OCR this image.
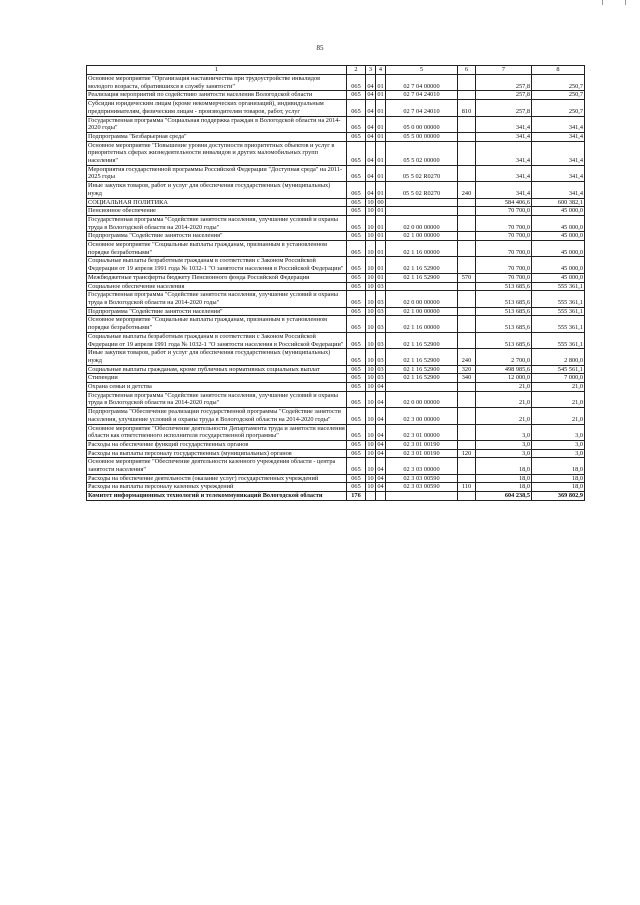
85
1	2	3	4	5	6	7	8
Основное мероприятие "Организация наставничества при трудоустройстве инвалидов молодого возраста, обратившихся в службу занятости"	065	04	01	02 7 04 00000		257,8	250,7
Реализация мероприятий по содействию занятости населения Вологодской области	065	04	01	02 7 04 24010		257,8	250,7
Субсидии юридическим лицам (кроме некоммерческих организаций), индивидуальным предпринимателям, физическим лицам - производителям товаров, работ, услуг	065	04	01	02 7 04 24010	810	257,8	250,7
Государственная программа "Социальная поддержка граждан в Вологодской области на 2014-2020 годы"	065	04	01	05 0 00 00000		341,4	341,4
Подпрограмма "Безбарьерная среда"	065	04	01	05 5 00 00000		341,4	341,4
Основное мероприятие "Повышение уровня доступности приоритетных объектов и услуг в приоритетных сферах жизнедеятельности инвалидов и других маломобильных групп населения"	065	04	01	05 5 02 00000		341,4	341,4
Мероприятия государственной программы Российской Федерации "Доступная среда" на 2011-2025 годы	065	04	01	05 5 02 R0270		341,4	341,4
Иные закупки товаров, работ и услуг для обеспечения государственных (муниципальных) нужд	065	04	01	05 5 02 R0270	240	341,4	341,4
СОЦИАЛЬНАЯ ПОЛИТИКА	065	10	00			584 406,6	600 382,1
Пенсионное обеспечение	065	10	01			70 700,0	45 000,0
Государственная программа "Содействие занятости населения, улучшение условий и охраны труда в Вологодской области на 2014-2020 годы"	065	10	01	02 0 00 00000		70 700,0	45 000,0
Подпрограмма "Содействие занятости населения"	065	10	01	02 1 00 00000		70 700,0	45 000,0
Основное мероприятие "Социальные выплаты гражданам, признанным в установленном порядке безработными"	065	10	01	02 1 16 00000		70 700,0	45 000,0
Социальные выплаты безработным гражданам в соответствии с Законом Российской Федерации от 19 апреля 1991 года № 1032-1 "О занятости населения в Российской Федерации"	065	10	01	02 1 16 52900		70 700,0	45 000,0
Межбюджетные трансферты бюджету Пенсионного фонда Российской Федерации	065	10	01	02 1 16 52900	570	70 700,0	45 000,0
Социальное обеспечение населения	065	10	03			513 685,6	555 361,1
Государственная программа "Содействие занятости населения, улучшение условий и охраны труда в Вологодской области на 2014-2020 годы"	065	10	03	02 0 00 00000		513 685,6	555 361,1
Подпрограмма "Содействие занятости населения"	065	10	03	02 1 00 00000		513 685,6	555 361,1
Основное мероприятие "Социальные выплаты гражданам, признанным в установленном порядке безработными"	065	10	03	02 1 16 00000		513 685,6	555 361,1
Социальные выплаты безработным гражданам в соответствии с Законом Российской Федерации от 19 апреля 1991 года № 1032-1 "О занятости населения в Российской Федерации"	065	10	03	02 1 16 52900		513 685,6	555 361,1
Иные закупки товаров, работ и услуг для обеспечения государственных (муниципальных) нужд	065	10	03	02 1 16 52900	240	2 700,0	2 800,0
Социальные выплаты гражданам, кроме публичных нормативных социальных выплат	065	10	03	02 1 16 52900	320	498 985,6	545 561,1
Стипендии	065	10	03	02 1 16 52900	340	12 000,0	7 000,0
Охрана семьи и детства	065	10	04			21,0	21,0
Государственная программа "Содействие занятости населения, улучшение условий и охраны труда в Вологодской области на 2014-2020 годы"	065	10	04	02 0 00 00000		21,0	21,0
Подпрограмма "Обеспечение реализации государственной программы "Содействие занятости населения, улучшение условий и охраны труда в Вологодской области на 2014-2020 годы"	065	10	04	02 3 00 00000		21,0	21,0
Основное мероприятие "Обеспечение деятельности Департамента труда и занятости населения области как ответственного исполнителя государственной программы"	065	10	04	02 3 01 00000		3,0	3,0
Расходы на обеспечение функций государственных органов	065	10	04	02 3 01 00190		3,0	3,0
Расходы на выплаты персоналу государственных (муниципальных) органов	065	10	04	02 3 01 00190	120	3,0	3,0
Основное мероприятие "Обеспечение деятельности казенного учреждения области - центра занятости населения"	065	10	04	02 3 03 00000		18,0	18,0
Расходы на обеспечение деятельности (оказание услуг) государственных учреждений	065	10	04	02 3 03 00590		18,0	18,0
Расходы на выплаты персоналу казенных учреждений	065	10	04	02 3 03 00590	110	18,0	18,0
Комитет информационных технологий и телекоммуникаций Вологодской области	176					604 238,5	369 802,9
